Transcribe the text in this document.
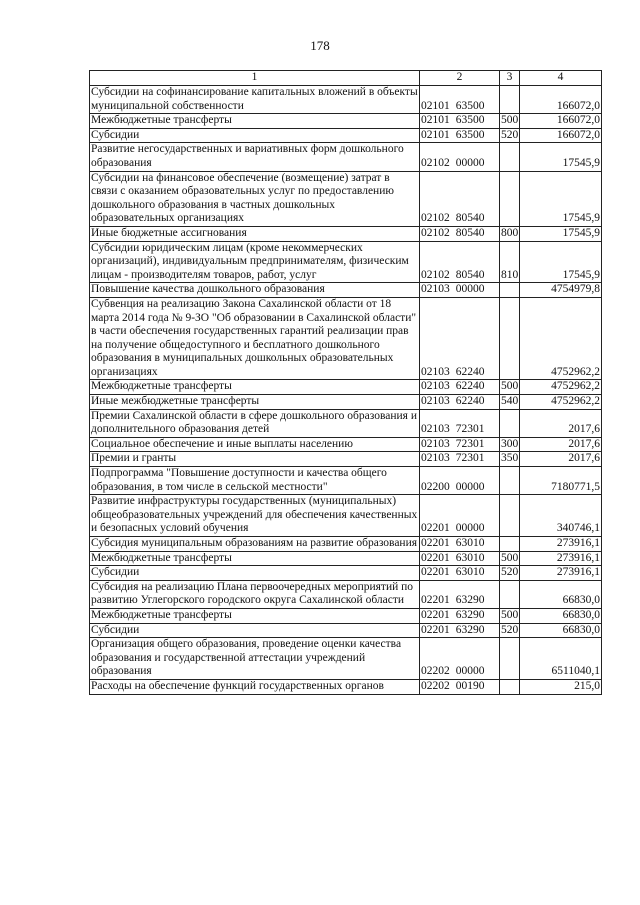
178
1	2	3	4
Субсидии на софинансирование капитальных вложений в объекты муниципальной собственности	02101 63500		166072,0
Межбюджетные трансферты	02101 63500	500	166072,0
Субсидии	02101 63500	520	166072,0
Развитие негосударственных и вариативных форм дошкольного образования	02102 00000		17545,9
Субсидии на финансовое обеспечение (возмещение) затрат в связи с оказанием образовательных услуг по предоставлению дошкольного образования в частных дошкольных образовательных организациях	02102 80540		17545,9
Иные бюджетные ассигнования	02102 80540	800	17545,9
Субсидии юридическим лицам (кроме некоммерческих организаций), индивидуальным предпринимателям, физическим лицам - производителям товаров, работ, услуг	02102 80540	810	17545,9
Повышение качества дошкольного образования	02103 00000		4754979,8
Субвенция на реализацию Закона Сахалинской области от 18 марта 2014 года № 9-ЗО "Об образовании в Сахалинской области" в части обеспечения государственных гарантий реализации прав на получение общедоступного и бесплатного дошкольного образования в муниципальных дошкольных образовательных организациях	02103 62240		4752962,2
Межбюджетные трансферты	02103 62240	500	4752962,2
Иные межбюджетные трансферты	02103 62240	540	4752962,2
Премии Сахалинской области в сфере дошкольного образования и дополнительного образования детей	02103 72301		2017,6
Социальное обеспечение и иные выплаты населению	02103 72301	300	2017,6
Премии и гранты	02103 72301	350	2017,6
Подпрограмма "Повышение доступности и качества общего образования, в том числе в сельской местности"	02200 00000		7180771,5
Развитие инфраструктуры государственных (муниципальных) общеобразовательных учреждений для обеспечения качественных и безопасных условий обучения	02201 00000		340746,1
Субсидия муниципальным образованиям на развитие образования	02201 63010		273916,1
Межбюджетные трансферты	02201 63010	500	273916,1
Субсидии	02201 63010	520	273916,1
Субсидия на реализацию Плана первоочередных мероприятий по развитию Углегорского городского округа Сахалинской области	02201 63290		66830,0
Межбюджетные трансферты	02201 63290	500	66830,0
Субсидии	02201 63290	520	66830,0
Организация общего образования, проведение оценки качества образования и государственной аттестации учреждений образования	02202 00000		6511040,1
Расходы на обеспечение функций государственных органов	02202 00190		215,0
